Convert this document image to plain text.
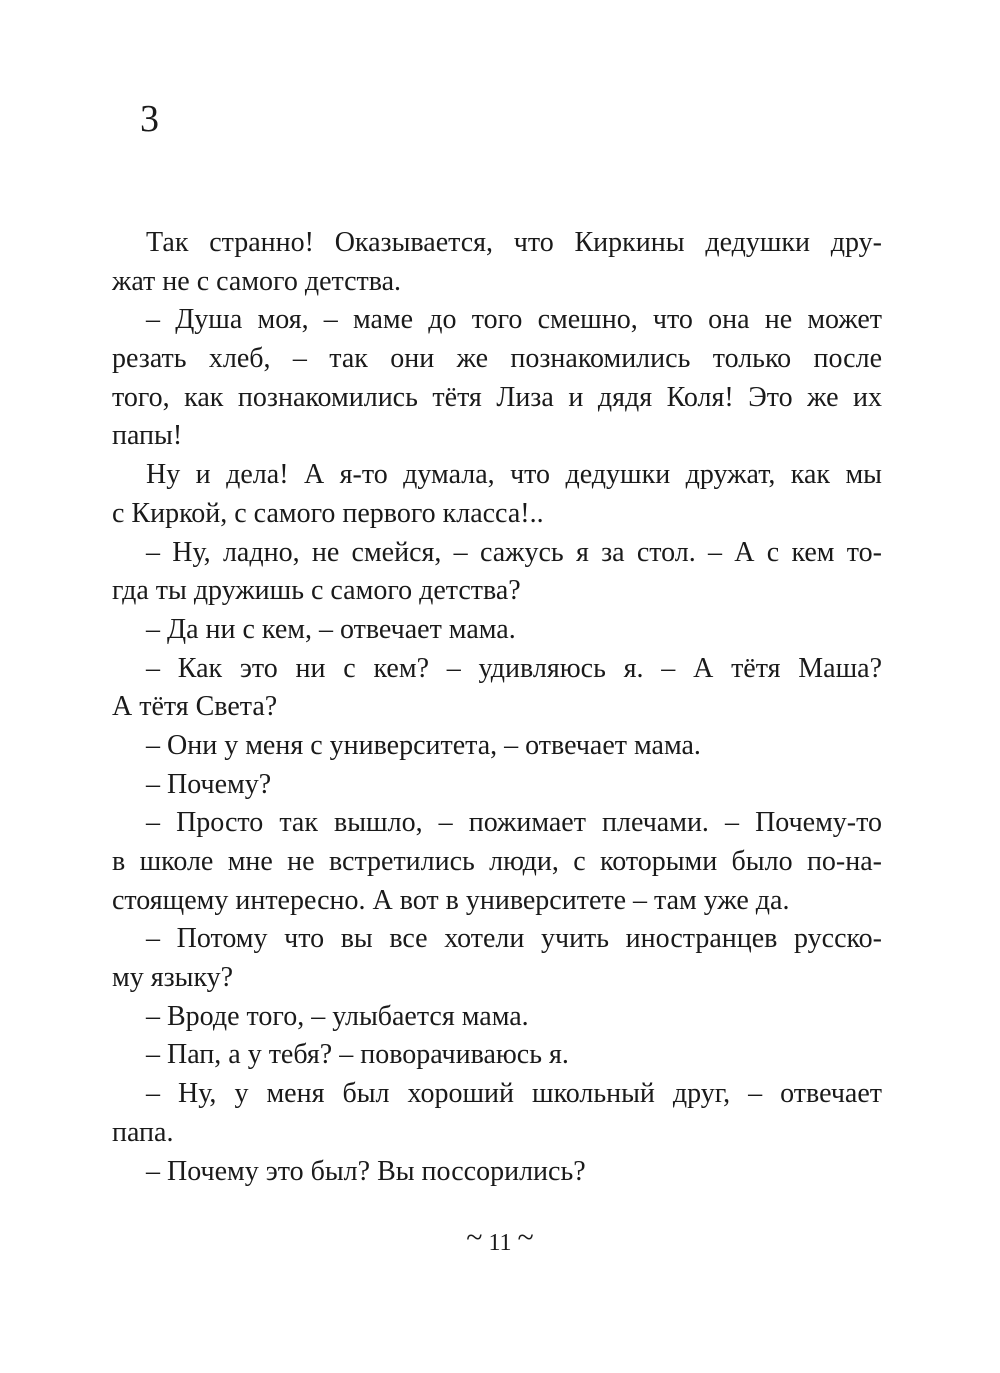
3
Так странно! Оказывается, что Киркины дедушки дру-
жат не с самого детства.
– Душа моя, – маме до того смешно, что она не может
резать хлеб, – так они же познакомились только после
того, как познакомились тётя Лиза и дядя Коля! Это же их
папы!
Ну и дела! А я-то думала, что дедушки дружат, как мы
с Киркой, с самого первого класса!..
– Ну, ладно, не смейся, – сажусь я за стол. – А с кем то-
гда ты дружишь с самого детства?
– Да ни с кем, – отвечает мама.
– Как это ни с кем? – удивляюсь я. – А тётя Маша?
А тётя Света?
– Они у меня с университета, – отвечает мама.
– Почему?
– Просто так вышло, – пожимает плечами. – Почему-то
в школе мне не встретились люди, с которыми было по-на-
стоящему интересно. А вот в университете – там уже да.
– Потому что вы все хотели учить иностранцев русско-
му языку?
– Вроде того, – улыбается мама.
– Пап, а у тебя? – поворачиваюсь я.
– Ну, у меня был хороший школьный друг, – отвечает
папа.
– Почему это был? Вы поссорились?
~ 11 ~
